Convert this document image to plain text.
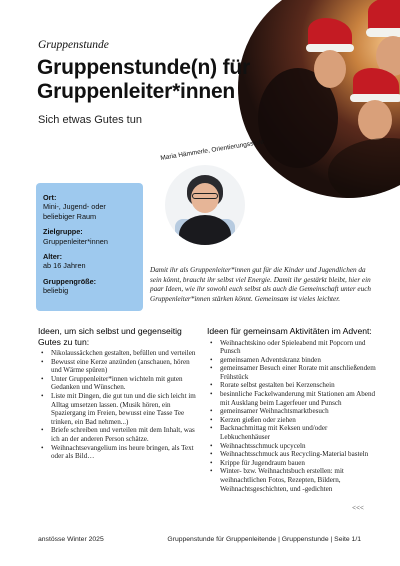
Gruppenstunde
Gruppenstunde(n) für Gruppenleiter*innen
Sich etwas Gutes tun
Maria Hämmerle, Orientierungsstufe
Ort:
Mini-, Jugend- oder beliebiger Raum
Zielgruppe:
Gruppenleiter*innen
Alter:
ab 16 Jahren
Gruppengröße:
beliebig

Damit ihr als Gruppenleiter*innen gut für die Kinder und Jugendlichen da sein könnt, braucht ihr selbst viel Energie. Damit ihr gestärkt bleibt, hier ein paar Ideen, wie ihr sowohl euch selbst als auch die Gemeinschaft unter euch Gruppenleiter*innen stärken könnt. Gemeinsam ist vieles leichter.

Ideen, um sich selbst und gegenseitig Gutes zu tun:
• Nikolaussäckchen gestalten, befüllen und verteilen
• Bewusst eine Kerze anzünden (anschauen, hören und Wärme spüren)
• Unter Gruppenleiter*innen wichteln mit guten Gedanken und Wünschen.
• Liste mit Dingen, die gut tun und die sich leicht im Alltag umsetzen lassen. (Musik hören, ein Spaziergang im Freien, bewusst eine Tasse Tee trinken, ein Bad nehmen...)
• Briefe schreiben und verteilen mit dem Inhalt, was ich an der anderen Person schätze.
• Weihnachtsevangelium ins heure bringen, als Text oder als Bild…
Ideen für gemeinsam Aktivitäten im Advent:
• Weihnachtskino oder Spieleabend mit Popcorn und Punsch
• gemeinsamen Adventskranz binden
• gemeinsamer Besuch einer Rorate mit anschließendem Frühstück
• Rorate selbst gestalten bei Kerzenschein
• besinnliche Fackelwanderung mit Stationen am Abend mit Ausklang beim Lagerfeuer und Punsch
• gemeinsamer Weihnachtsmarktbesuch
• Kerzen gießen oder ziehen
• Backnachmittag mit Keksen und/oder Lebkuchenhäuser
• Weihnachtsschmuck upcyceln
• Weihnachtsschmuck aus Recycling-Material basteln
• Krippe für Jugendraum bauen
• Winter- bzw. Weihnachtsbuch erstellen: mit weihnachtlichen Fotos, Rezepten, Bildern, Weihnachtsgeschichten, und -gedichten
<<<
anstösse Winter 2025	Gruppenstunde für Gruppenleitende | Gruppenstunde | Seite 1/1
